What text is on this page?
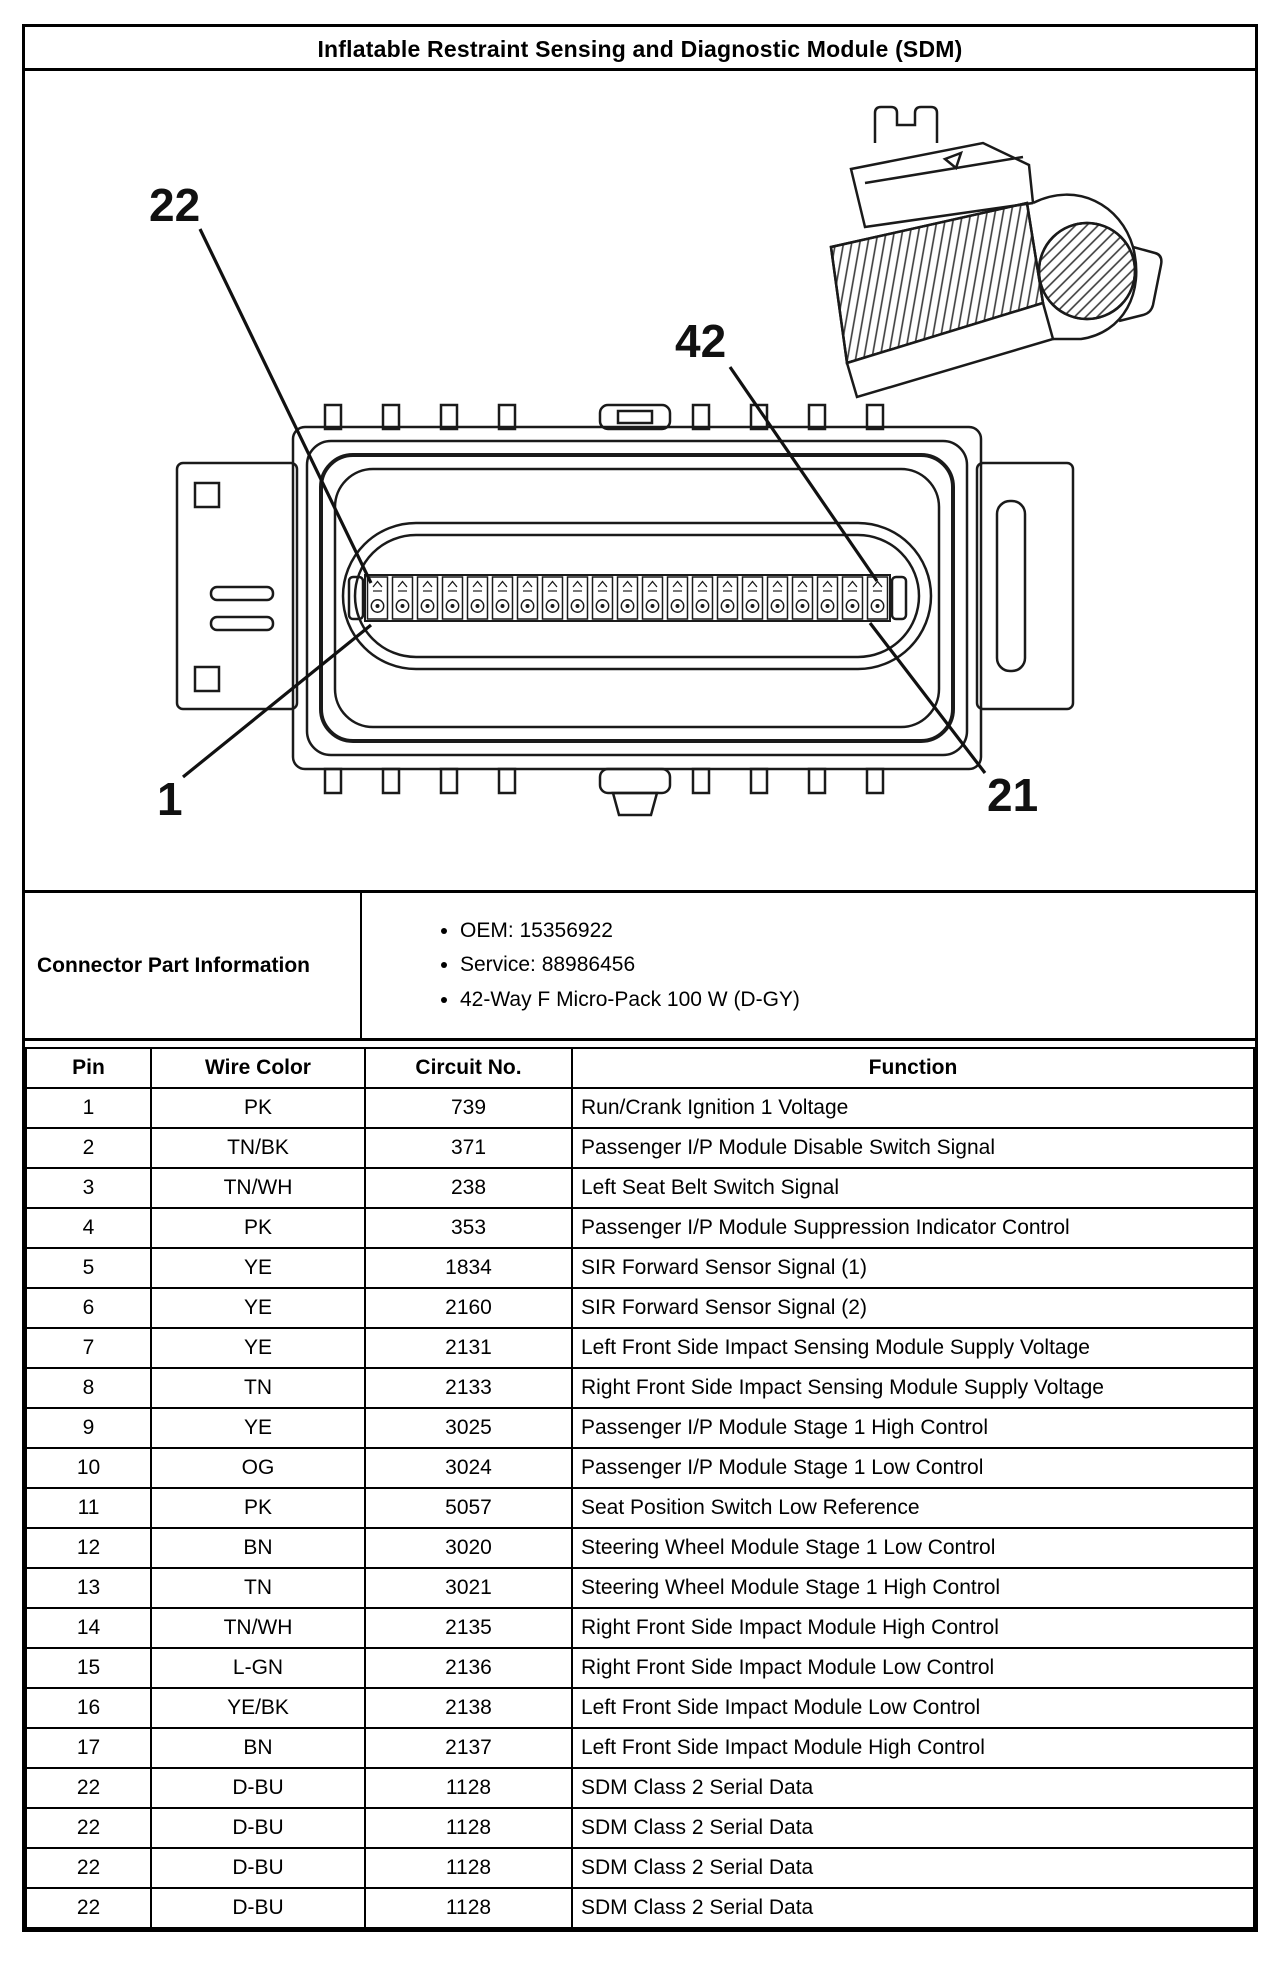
Inflatable Restraint Sensing and Diagnostic Module (SDM)
22
42
1	21
Connector Part Information
• OEM: 15356922
• Service: 88986456
• 42-Way F Micro-Pack 100 W (D-GY)
Pin	Wire Color	Circuit No.	Function
1	PK	739	Run/Crank Ignition 1 Voltage
2	TN/BK	371	Passenger I/P Module Disable Switch Signal
3	TN/WH	238	Left Seat Belt Switch Signal
4	PK	353	Passenger I/P Module Suppression Indicator Control
5	YE	1834	SIR Forward Sensor Signal (1)
6	YE	2160	SIR Forward Sensor Signal (2)
7	YE	2131	Left Front Side Impact Sensing Module Supply Voltage
8	TN	2133	Right Front Side Impact Sensing Module Supply Voltage
9	YE	3025	Passenger I/P Module Stage 1 High Control
10	OG	3024	Passenger I/P Module Stage 1 Low Control
11	PK	5057	Seat Position Switch Low Reference
12	BN	3020	Steering Wheel Module Stage 1 Low Control
13	TN	3021	Steering Wheel Module Stage 1 High Control
14	TN/WH	2135	Right Front Side Impact Module High Control
15	L-GN	2136	Right Front Side Impact Module Low Control
16	YE/BK	2138	Left Front Side Impact Module Low Control
17	BN	2137	Left Front Side Impact Module High Control
22	D-BU	1128	SDM Class 2 Serial Data
22	D-BU	1128	SDM Class 2 Serial Data
22	D-BU	1128	SDM Class 2 Serial Data
22	D-BU	1128	SDM Class 2 Serial Data
